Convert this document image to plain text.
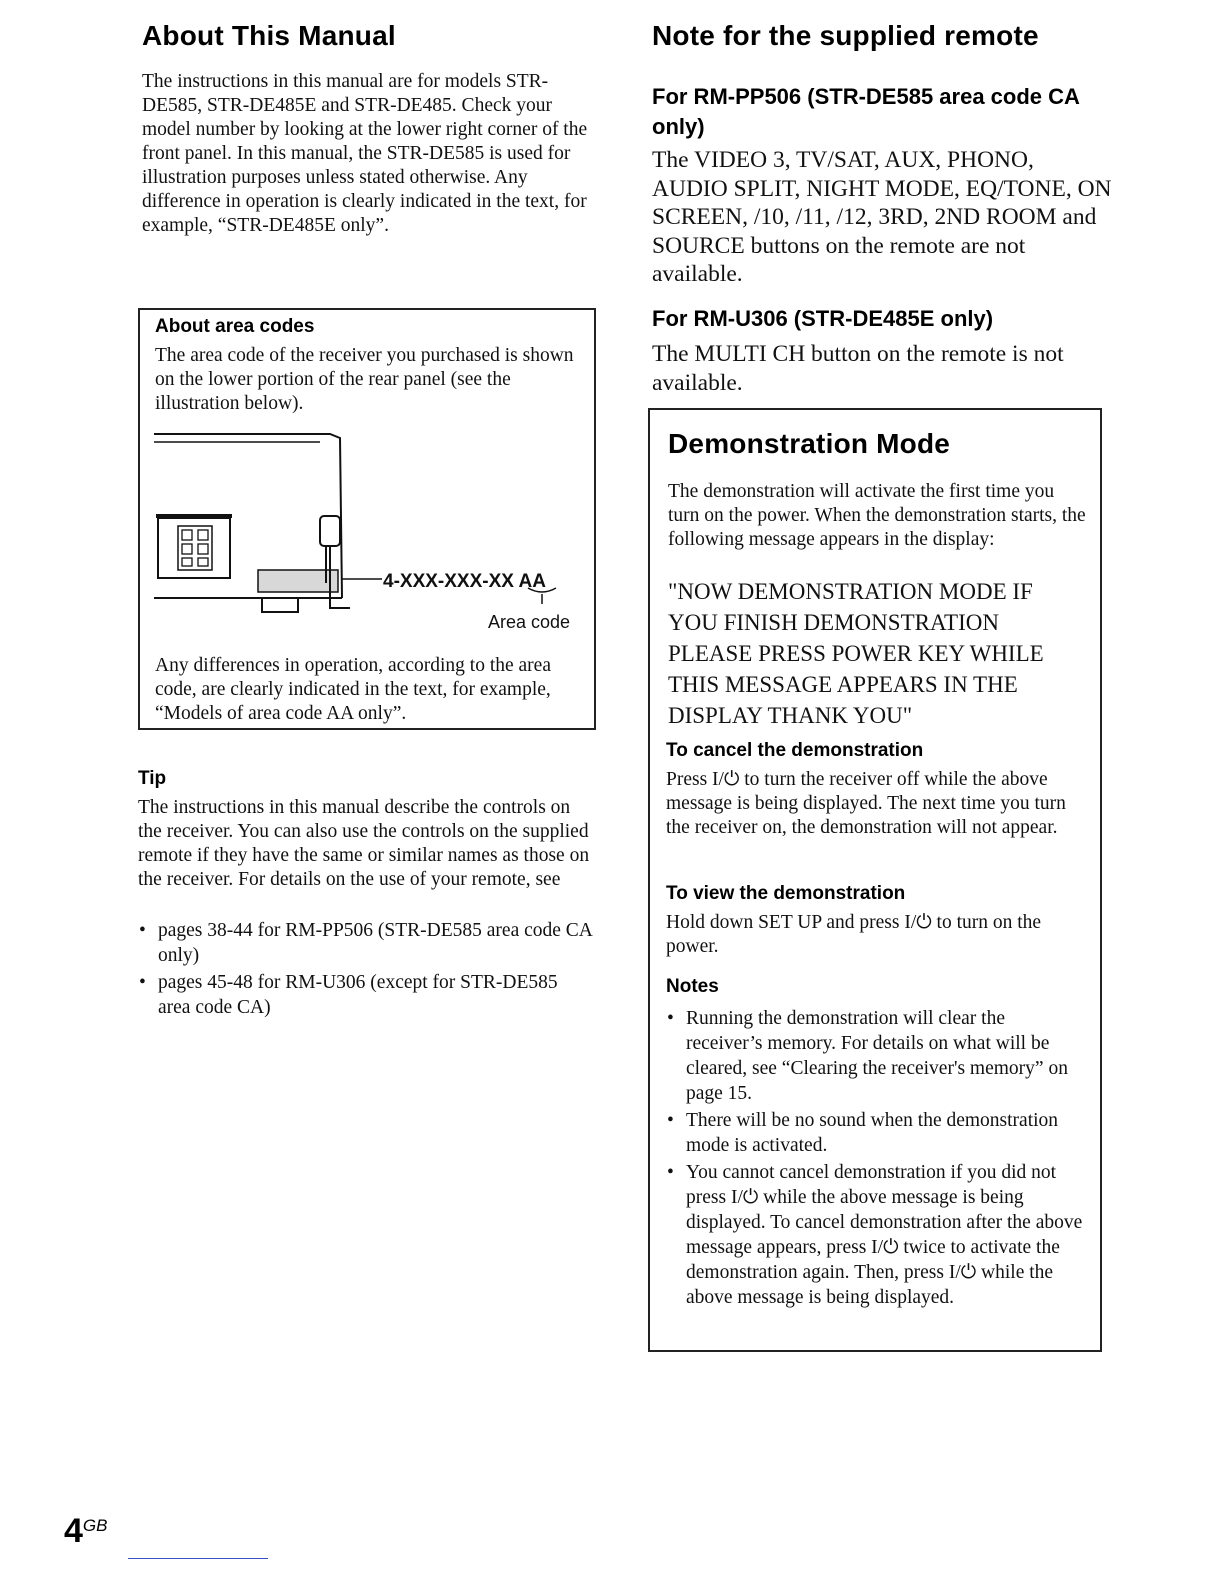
About This Manual

The instructions in this manual are for models STR-DE585, STR-DE485E and STR-DE485. Check your model number by looking at the lower right corner of the front panel. In this manual, the STR-DE585 is used for illustration purposes unless stated otherwise. Any difference in operation is clearly indicated in the text, for example, “STR-DE485E only”.

About area codes

The area code of the receiver you purchased is shown on the lower portion of the rear panel (see the illustration below).

4-XXX-XXX-XX AA
Area code

Any differences in operation, according to the area code, are clearly indicated in the text, for example, “Models of area code AA only”.

Tip

The instructions in this manual describe the controls on the receiver. You can also use the controls on the supplied remote if they have the same or similar names as those on the receiver. For details on the use of your remote, see

• pages 38-44 for RM-PP506 (STR-DE585 area code CA only)
• pages 45-48 for RM-U306 (except for STR-DE585 area code CA)
Note for the supplied remote
For RM-PP506 (STR-DE585 area code CA only)

The VIDEO 3, TV/SAT, AUX, PHONO, AUDIO SPLIT, NIGHT MODE, EQ/TONE, ON SCREEN, /10, /11, /12, 3RD, 2ND ROOM and SOURCE buttons on the remote are not available.

For RM-U306 (STR-DE485E only)

The MULTI CH button on the remote is not available.

Demonstration Mode

The demonstration will activate the first time you turn on the power. When the demonstration starts, the following message appears in the display:

"NOW DEMONSTRATION MODE IF YOU FINISH DEMONSTRATION PLEASE PRESS POWER KEY WHILE THIS MESSAGE APPEARS IN THE DISPLAY THANK YOU"

To cancel the demonstration

Press I/⏻ to turn the receiver off while the above message is being displayed. The next time you turn the receiver on, the demonstration will not appear.

To view the demonstration

Hold down SET UP and press I/⏻ to turn on the power.

Notes
• Running the demonstration will clear the receiver’s memory. For details on what will be cleared, see “Clearing the receiver's memory” on page 15.
• There will be no sound when the demonstration mode is activated.
• You cannot cancel demonstration if you did not press I/⏻ while the above message is being displayed. To cancel demonstration after the above message appears, press I/⏻ twice to activate the demonstration again. Then, press I/⏻ while the above message is being displayed.
$4^{GB}$
